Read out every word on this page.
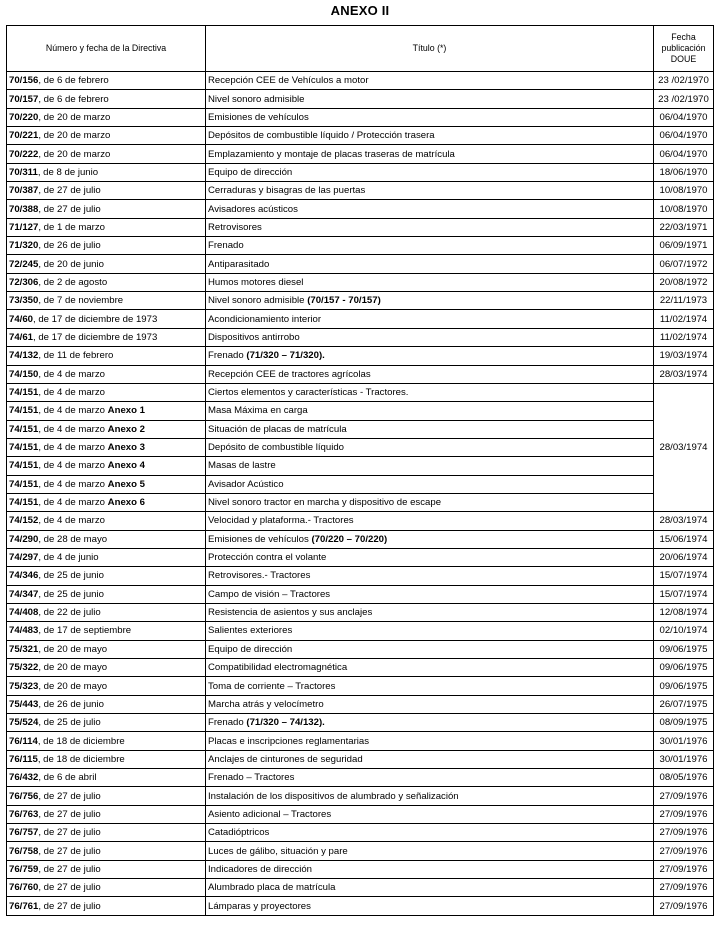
ANEXO II
Número y fecha de la Directiva	Título (*)	Fecha publicación DOUE
70/156, de 6 de febrero	Recepción CEE de Vehículos a motor	23 /02/1970
70/157, de 6 de febrero	Nivel sonoro admisible	23 /02/1970
70/220, de 20 de marzo	Emisiones de vehículos	06/04/1970
70/221, de 20 de marzo	Depósitos de combustible líquido / Protección trasera	06/04/1970
70/222, de 20 de marzo	Emplazamiento y montaje de placas traseras de matrícula	06/04/1970
70/311, de 8 de junio	Equipo de dirección	18/06/1970
70/387, de 27 de julio	Cerraduras y bisagras de las puertas	10/08/1970
70/388, de 27 de julio	Avisadores acústicos	10/08/1970
71/127, de 1 de marzo	Retrovisores	22/03/1971
71/320, de 26 de julio	Frenado	06/09/1971
72/245, de 20 de junio	Antiparasitado	06/07/1972
72/306, de 2 de agosto	Humos motores diesel	20/08/1972
73/350, de 7 de noviembre	Nivel sonoro admisible (70/157 - 70/157)	22/11/1973
74/60, de 17 de diciembre de 1973	Acondicionamiento interior	11/02/1974
74/61, de 17 de diciembre de 1973	Dispositivos antirrobo	11/02/1974
74/132, de 11 de febrero	Frenado (71/320 – 71/320).	19/03/1974
74/150, de 4 de marzo	Recepción CEE de tractores agrícolas	28/03/1974
74/151, de 4 de marzo	Ciertos elementos y características - Tractores.	28/03/1974
74/151, de 4 de marzo Anexo 1	Masa Máxima en carga	
74/151, de 4 de marzo Anexo 2	Situación de placas de matrícula	
74/151, de 4 de marzo Anexo 3	Depósito de combustible líquido	
74/151, de 4 de marzo Anexo 4	Masas de lastre	
74/151, de 4 de marzo Anexo 5	Avisador Acústico	
74/151, de 4 de marzo Anexo 6	Nivel sonoro tractor en marcha y dispositivo de escape	
74/152, de 4 de marzo	Velocidad y plataforma.- Tractores	28/03/1974
74/290, de 28 de mayo	Emisiones de vehículos (70/220 – 70/220)	15/06/1974
74/297, de 4 de junio	Protección contra el volante	20/06/1974
74/346, de 25 de junio	Retrovisores.- Tractores	15/07/1974
74/347, de 25 de junio	Campo de visión – Tractores	15/07/1974
74/408, de 22 de julio	Resistencia de asientos y sus anclajes	12/08/1974
74/483, de 17 de septiembre	Salientes exteriores	02/10/1974
75/321, de 20 de mayo	Equipo de dirección	09/06/1975
75/322, de 20 de mayo	Compatibilidad electromagnética	09/06/1975
75/323, de 20 de mayo	Toma de corriente – Tractores	09/06/1975
75/443, de 26 de junio	Marcha atrás y velocímetro	26/07/1975
75/524, de 25 de julio	Frenado (71/320 – 74/132).	08/09/1975
76/114, de 18 de diciembre	Placas e inscripciones reglamentarias	30/01/1976
76/115, de 18 de diciembre	Anclajes de cinturones de seguridad	30/01/1976
76/432, de 6 de abril	Frenado – Tractores	08/05/1976
76/756, de 27 de julio	Instalación de los dispositivos de alumbrado y señalización	27/09/1976
76/763, de 27 de julio	Asiento adicional – Tractores	27/09/1976
76/757, de 27 de julio	Catadióptricos	27/09/1976
76/758, de 27 de julio	Luces de gálibo, situación y pare	27/09/1976
76/759, de 27 de julio	Indicadores de dirección	27/09/1976
76/760, de 27 de julio	Alumbrado placa de matrícula	27/09/1976
76/761, de 27 de julio	Lámparas y proyectores	27/09/1976
